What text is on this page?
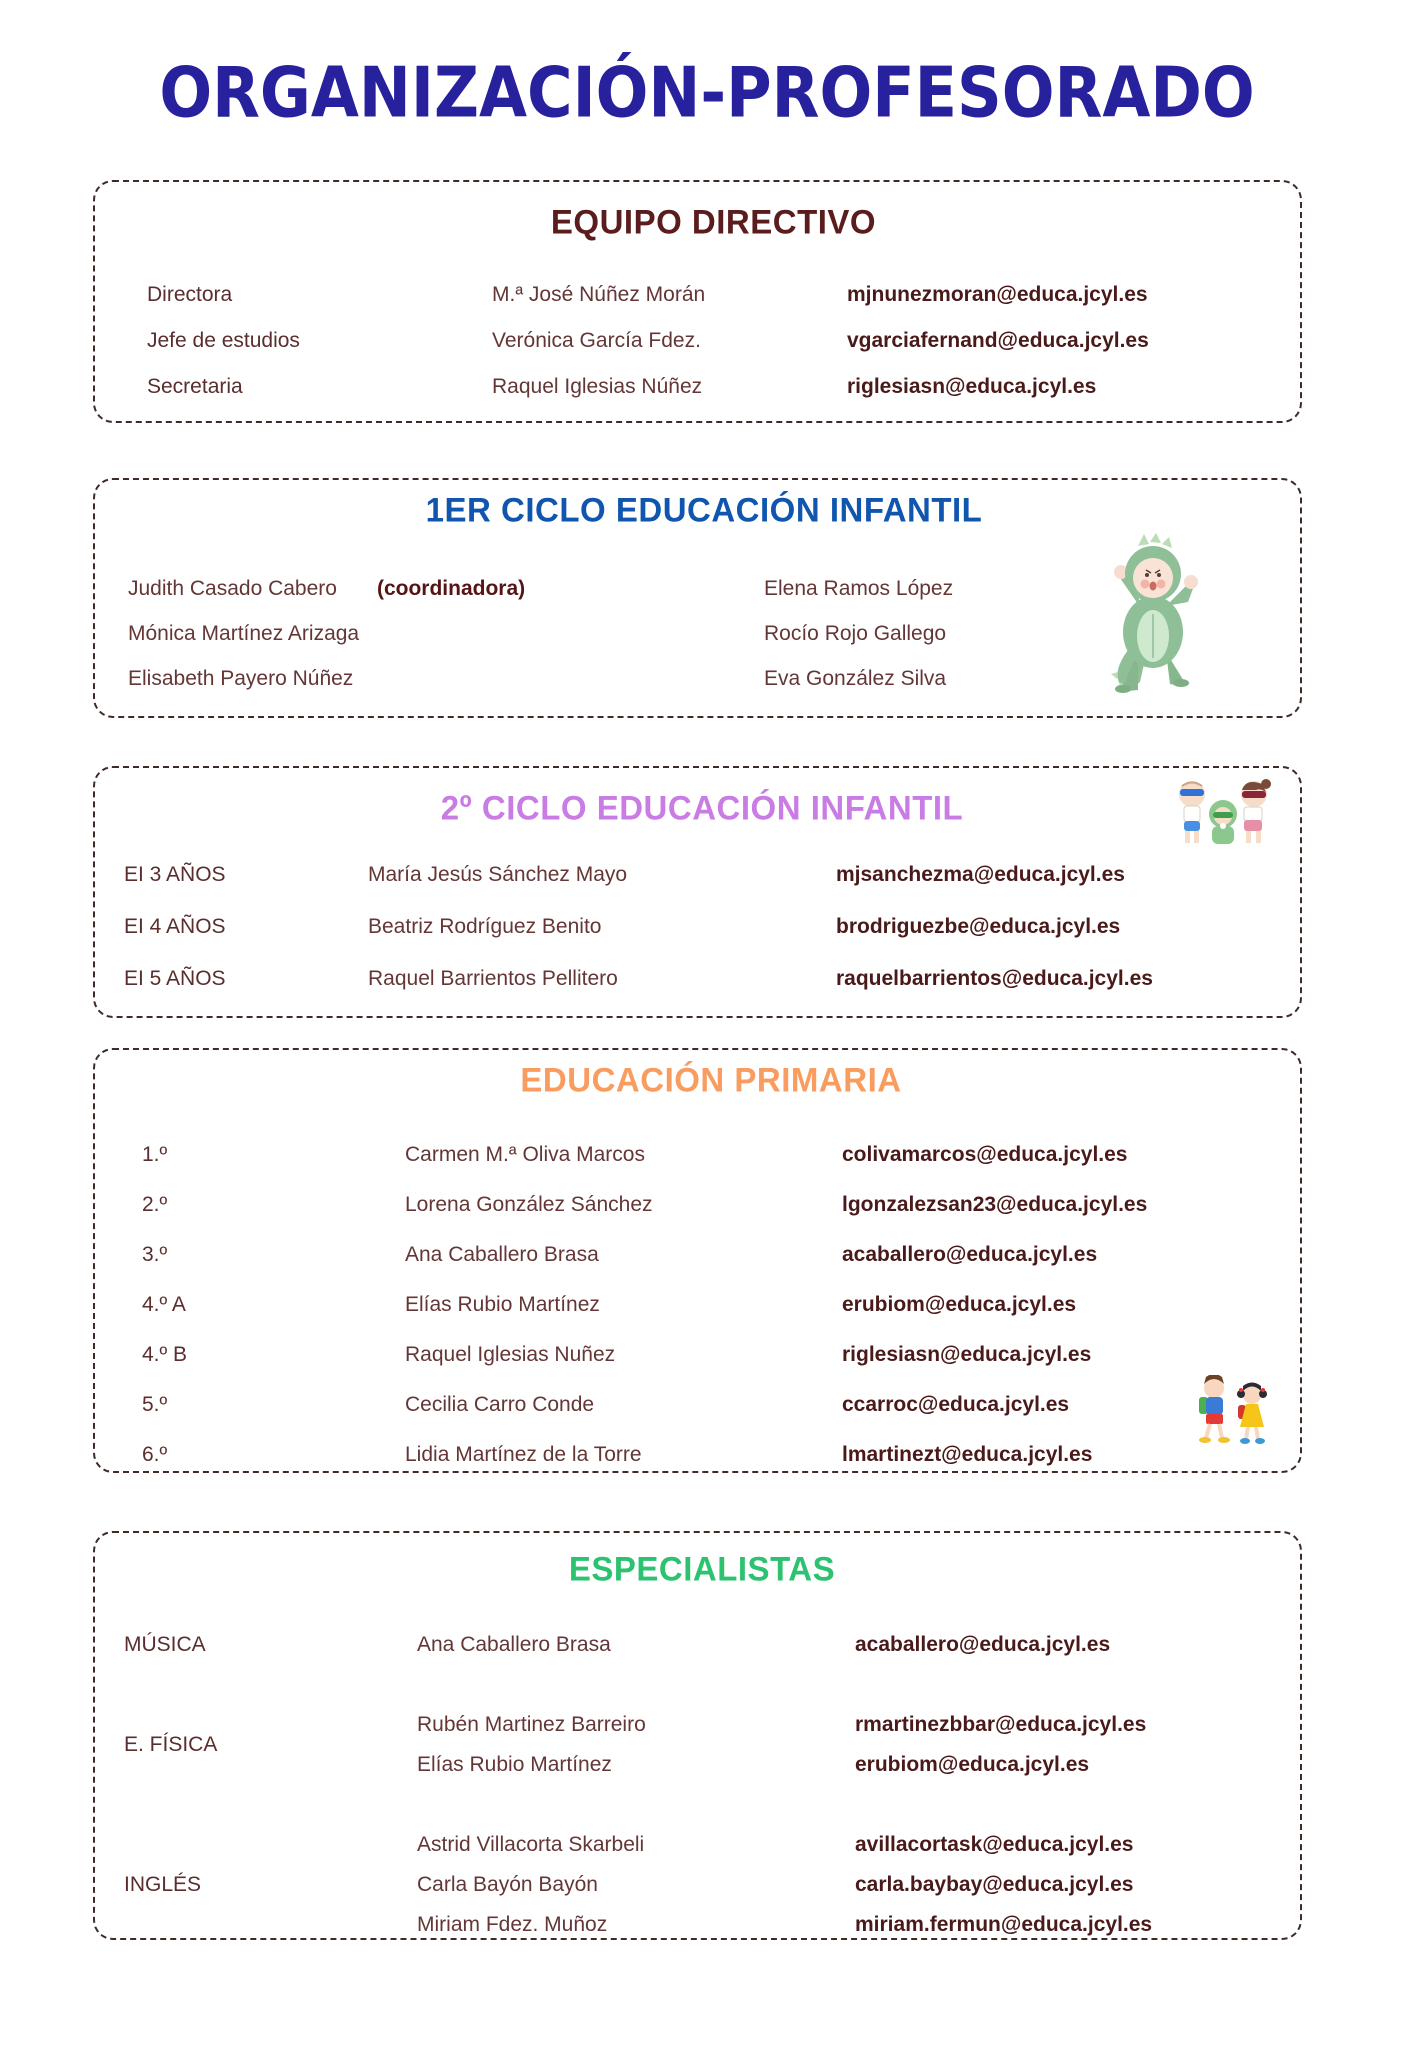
ORGANIZACIÓN-PROFESORADO
EQUIPO DIRECTIVO
Directora	M.ª José Núñez Morán	mjnunezmoran@educa.jcyl.es
Jefe de estudios	Verónica García Fdez.	vgarciafernand@educa.jcyl.es
Secretaria	Raquel Iglesias Núñez	riglesiasn@educa.jcyl.es
1ER CICLO EDUCACIÓN INFANTIL
Judith Casado Cabero (coordinadora)
Mónica Martínez Arizaga
Elisabeth Payero Núñez
Elena Ramos López
Rocío Rojo Gallego
Eva González Silva
2º CICLO EDUCACIÓN INFANTIL
EI 3 AÑOS	María Jesús Sánchez Mayo	mjsanchezma@educa.jcyl.es
EI 4 AÑOS	Beatriz Rodríguez Benito	brodriguezbe@educa.jcyl.es
EI 5 AÑOS	Raquel Barrientos Pellitero	raquelbarrientos@educa.jcyl.es
EDUCACIÓN PRIMARIA
1.º	Carmen M.ª Oliva Marcos	colivamarcos@educa.jcyl.es
2.º	Lorena González Sánchez	lgonzalezsan23@educa.jcyl.es
3.º	Ana Caballero Brasa	acaballero@educa.jcyl.es
4.º A	Elías Rubio Martínez	erubiom@educa.jcyl.es
4.º B	Raquel Iglesias Nuñez	riglesiasn@educa.jcyl.es
5.º	Cecilia Carro Conde	ccarroc@educa.jcyl.es
6.º	Lidia Martínez de la Torre	lmartinezt@educa.jcyl.es
ESPECIALISTAS
MÚSICA	Ana Caballero Brasa	acaballero@educa.jcyl.es
E. FÍSICA
Rubén Martinez Barreiro	rmartinezbbar@educa.jcyl.es
Elías Rubio Martínez	erubiom@educa.jcyl.es
INGLÉS
Astrid Villacorta Skarbeli	avillacortask@educa.jcyl.es
Carla Bayón Bayón	carla.baybay@educa.jcyl.es
Miriam Fdez. Muñoz	miriam.fermun@educa.jcyl.es
